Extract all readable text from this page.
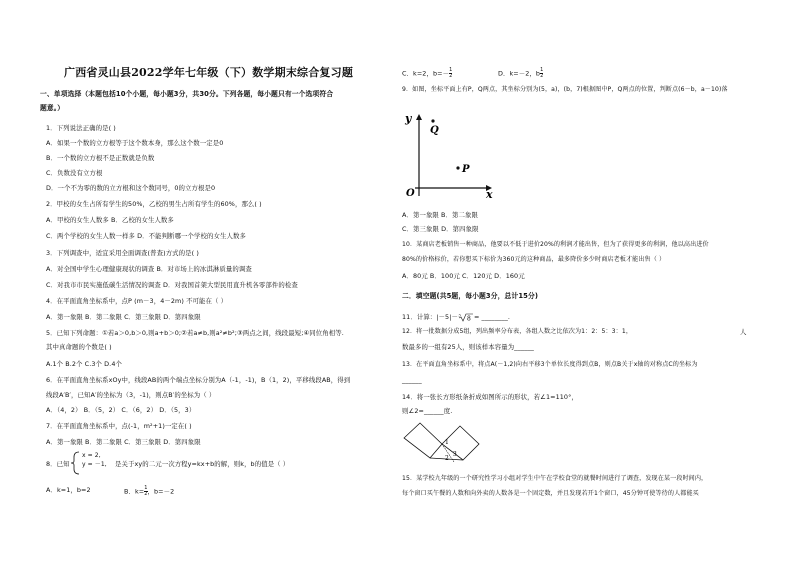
广西省灵山县2022学年七年级（下）数学期末综合复习题
一、单项选择（本题包括10个小题，每小题3分，共30分。下列各题，每小题只有一个选项符合
题意。）
1．下列说法正确的是( )
A．如果一个数的立方根等于这个数本身，那么这个数一定是0
B．一个数的立方根不是正数就是负数
C．负数没有立方根
D．一个不为零的数的立方根和这个数同号，0的立方根是0
2．甲校的女生占所有学生的50%，乙校的男生占所有学生的60%，那么( )
A．甲校的女生人数多 B．乙校的女生人数多
C．两个学校的女生人数一样多 D．不能判断哪一个学校的女生人数多
3．下列调查中，适宜采用全面调查(普查)方式的是( )
A．对全国中学生心理健康现状的调查 B．对市场上的冰淇淋质量的调查
C．对我市市民实施低碳生活情况的调查 D．对我国首架大型民用直升机各零部件的检查
4．在平面直角坐标系中，点P (m－3，4－2m) 不可能在（ ）
A．第一象限 B．第二象限 C．第三象限 D．第四象限
5．已知下列命题：①若a＞0,b＞0,则a+b＞0;②若a≠b,则a²≠b²;③两点之间，线段最短;④同位角相等.
其中真命题的个数是( )
A.1个 B.2个 C.3个 D.4个
6．在平面直角坐标系xOy中，线段AB的两个端点坐标分别为A（-1，-1)，B（1，2)，平移线段AB，得到
线段A′B′，已知A′的坐标为（3，-1)，则点B′的坐标为（ ）
A．（4，2） B．（5，2） C．（6，2） D．（5，3）
7．在平面直角坐标系中，点(-1，m²+1)一定在( )
A．第一象限 B．第二象限 C．第三象限 D．第四象限
8．已知
x = 2,
y = －1, 是关于xy的二元一次方程y=kx+b的解，则k，b的值是（ ）
A．k=1，b=2	B．$k= \frac{1}{2}$ ，b=－2
C．k=2，$b=- \frac{1}{2}$	D．k=－2，b $\frac{1}{2}$
9．如图，坐标平面上有P，Q两点，其坐标分别为(5，a)，(b，7)根据图中P，Q两点的位置，判断点(6－b，a－10)落
y
x
O
Q
P
A．第一象限 B．第二象限
C．第三象限 D．第四象限
10．某商店老板销售一种商品，他要以不低于进价20%的利润才能出售，但为了获得更多的利润，他以高出进价
80%的价格标价，若你想买下标价为360元的这种商品，最多降价多少时商店老板才能出售（ ）
A．80元 B．100元 C．120元 D．160元
二．填空题(共5题，每小题3分，总计15分)
11．计算：|－5|－ 8
3 = ________.
12．将一批数据分成5组，列出频率分布表，各组人数之比依次为1：2：5：3：1，	人
数最多的一组有25人，则该样本容量为______
13．在平面直角坐标系中，将点A(－1,2)向右平移3个单位长度得到点B，则点B关于x轴的对称点C的坐标为
______
14．将一张长方形纸条折成如图所示的形状，若∠1=110°，
则∠2=______度.
1
2
3
15．某学校九年级的一个研究性学习小组对学生中午在学校食堂的就餐时间进行了调查，发现在某一段时间内，
每个窗口买午餐的人数和向外卖的人数各是一个固定数，并且发现若开1个窗口，45分钟可使等待的人都能买
